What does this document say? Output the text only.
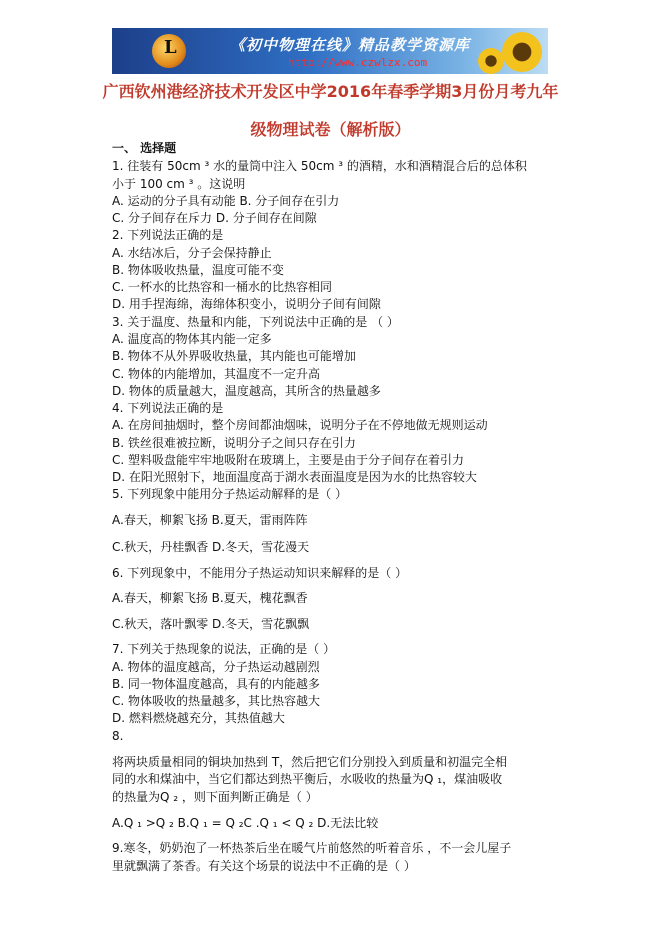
L	《初中物理在线》精品教学资源库
http://www.czwlzx.com
广西钦州港经济技术开发区中学2016年春季学期3月份月考九年
级物理试卷（解析版）
一、 选择题
1. 往装有 50cm ³ 水的量筒中注入 50cm ³ 的酒精，水和酒精混合后的总体积
小于 100 cm ³ 。这说明
A. 运动的分子具有动能 B. 分子间存在引力
C. 分子间存在斥力 D. 分子间存在间隙
2. 下列说法正确的是
A. 水结冰后，分子会保持静止
B. 物体吸收热量，温度可能不变
C. 一杯水的比热容和一桶水的比热容相同
D. 用手捏海绵，海绵体积变小，说明分子间有间隙
3. 关于温度、热量和内能，下列说法中正确的是 （ ）
A. 温度高的物体其内能一定多
B. 物体不从外界吸收热量，其内能也可能增加
C. 物体的内能增加，其温度不一定升高
D. 物体的质量越大，温度越高，其所含的热量越多
4. 下列说法正确的是
A. 在房间抽烟时，整个房间都油烟味，说明分子在不停地做无规则运动
B. 铁丝很难被拉断，说明分子之间只存在引力
C. 塑料吸盘能牢牢地吸附在玻璃上，主要是由于分子间存在着引力
D. 在阳光照射下，地面温度高于湖水表面温度是因为水的比热容较大
5. 下列现象中能用分子热运动解释的是（ ）
A.春天，柳絮飞扬 B.夏天，雷雨阵阵
C.秋天，丹桂飘香 D.冬天，雪花漫天
6. 下列现象中，不能用分子热运动知识来解释的是（ ）
A.春天，柳絮飞扬 B.夏天，槐花飘香
C.秋天，落叶飘零 D.冬天，雪花飘飘
7. 下列关于热现象的说法，正确的是（ ）
A. 物体的温度越高，分子热运动越剧烈
B. 同一物体温度越高，具有的内能越多
C. 物体吸收的热量越多，其比热容越大
D. 燃料燃烧越充分，其热值越大
8.
将两块质量相同的铜块加热到 T，然后把它们分别投入到质量和初温完全相
同的水和煤油中，当它们都达到热平衡后，水吸收的热量为Q ₁，煤油吸收
的热量为Q ₂ ，则下面判断正确是（ ）
A.Q ₁ >Q ₂ B.Q ₁ = Q ₂C .Q ₁ < Q ₂ D.无法比较
9.寒冬，奶奶泡了一杯热茶后坐在暖气片前悠然的听着音乐 ，不一会儿屋子
里就飘满了茶香。有关这个场景的说法中不正确的是（ ）
